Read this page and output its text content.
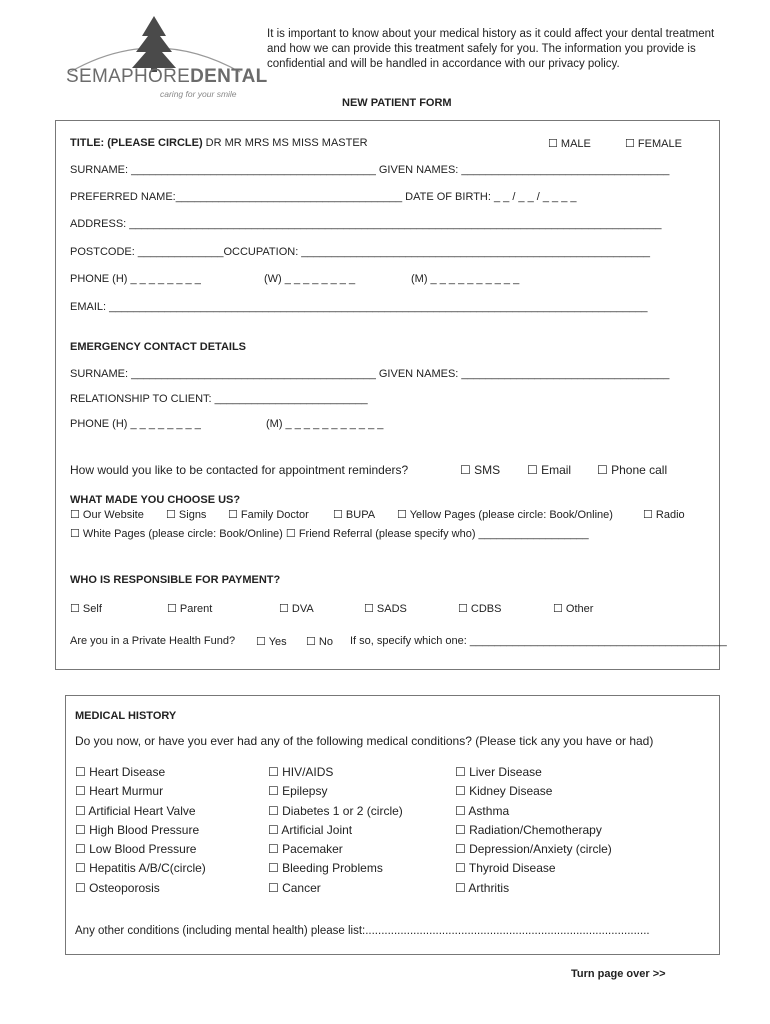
SEMAPHOREDENTAL
caring for your smile
It is important to know about your medical history as it could affect your dental treatment and how we can provide this treatment safely for you. The information you provide is confidential and will be handled in accordance with our privacy policy.
NEW PATIENT FORM
TITLE: (PLEASE CIRCLE) DR MR MRS MS MISS MASTER	☐ MALE	☐ FEMALE
SURNAME: ________________________________________ GIVEN NAMES: __________________________________
PREFERRED NAME:_____________________________________ DATE OF BIRTH: _ _ / _ _ / _ _ _ _
ADDRESS: _______________________________________________________________________________________
POSTCODE: ______________OCCUPATION: _________________________________________________________
PHONE (H) _ _ _ _ _ _ _ _	(W) _ _ _ _ _ _ _ _	(M) _ _ _ _ _ _ _ _ _ _
EMAIL: ________________________________________________________________________________________
EMERGENCY CONTACT DETAILS
SURNAME: ________________________________________ GIVEN NAMES: __________________________________
RELATIONSHIP TO CLIENT: _________________________
PHONE (H) _ _ _ _ _ _ _ _	(M) _ _ _ _ _ _ _ _ _ _ _
How would you like to be contacted for appointment reminders?	☐ SMS ☐ Email ☐ Phone call
WHAT MADE YOU CHOOSE US?
☐ Our Website ☐ Signs ☐ Family Doctor ☐ BUPA ☐ Yellow Pages (please circle: Book/Online)	☐ Radio
☐ White Pages (please circle: Book/Online) ☐ Friend Referral (please specify who) __________________
WHO IS RESPONSIBLE FOR PAYMENT?
☐ Self	☐ Parent	☐ DVA	☐ SADS	☐ CDBS	☐ Other
Are you in a Private Health Fund? ☐ Yes ☐ No If so, specify which one: __________________________________________
MEDICAL HISTORY
Do you now, or have you ever had any of the following medical conditions? (Please tick any you have or had)
☐ Heart Disease
☐ Heart Murmur
☐ Artificial Heart Valve
☐ High Blood Pressure
☐ Low Blood Pressure
☐ Hepatitis A/B/C(circle)
☐ Osteoporosis
☐ HIV/AIDS
☐ Epilepsy
☐ Diabetes 1 or 2 (circle)
☐ Artificial Joint
☐ Pacemaker
☐ Bleeding Problems
☐ Cancer
☐ Liver Disease
☐ Kidney Disease
☐ Asthma
☐ Radiation/Chemotherapy
☐ Depression/Anxiety (circle)
☐ Thyroid Disease
☐ Arthritis
Any other conditions (including mental health) please list:.........................................................................................
Turn page over >>
